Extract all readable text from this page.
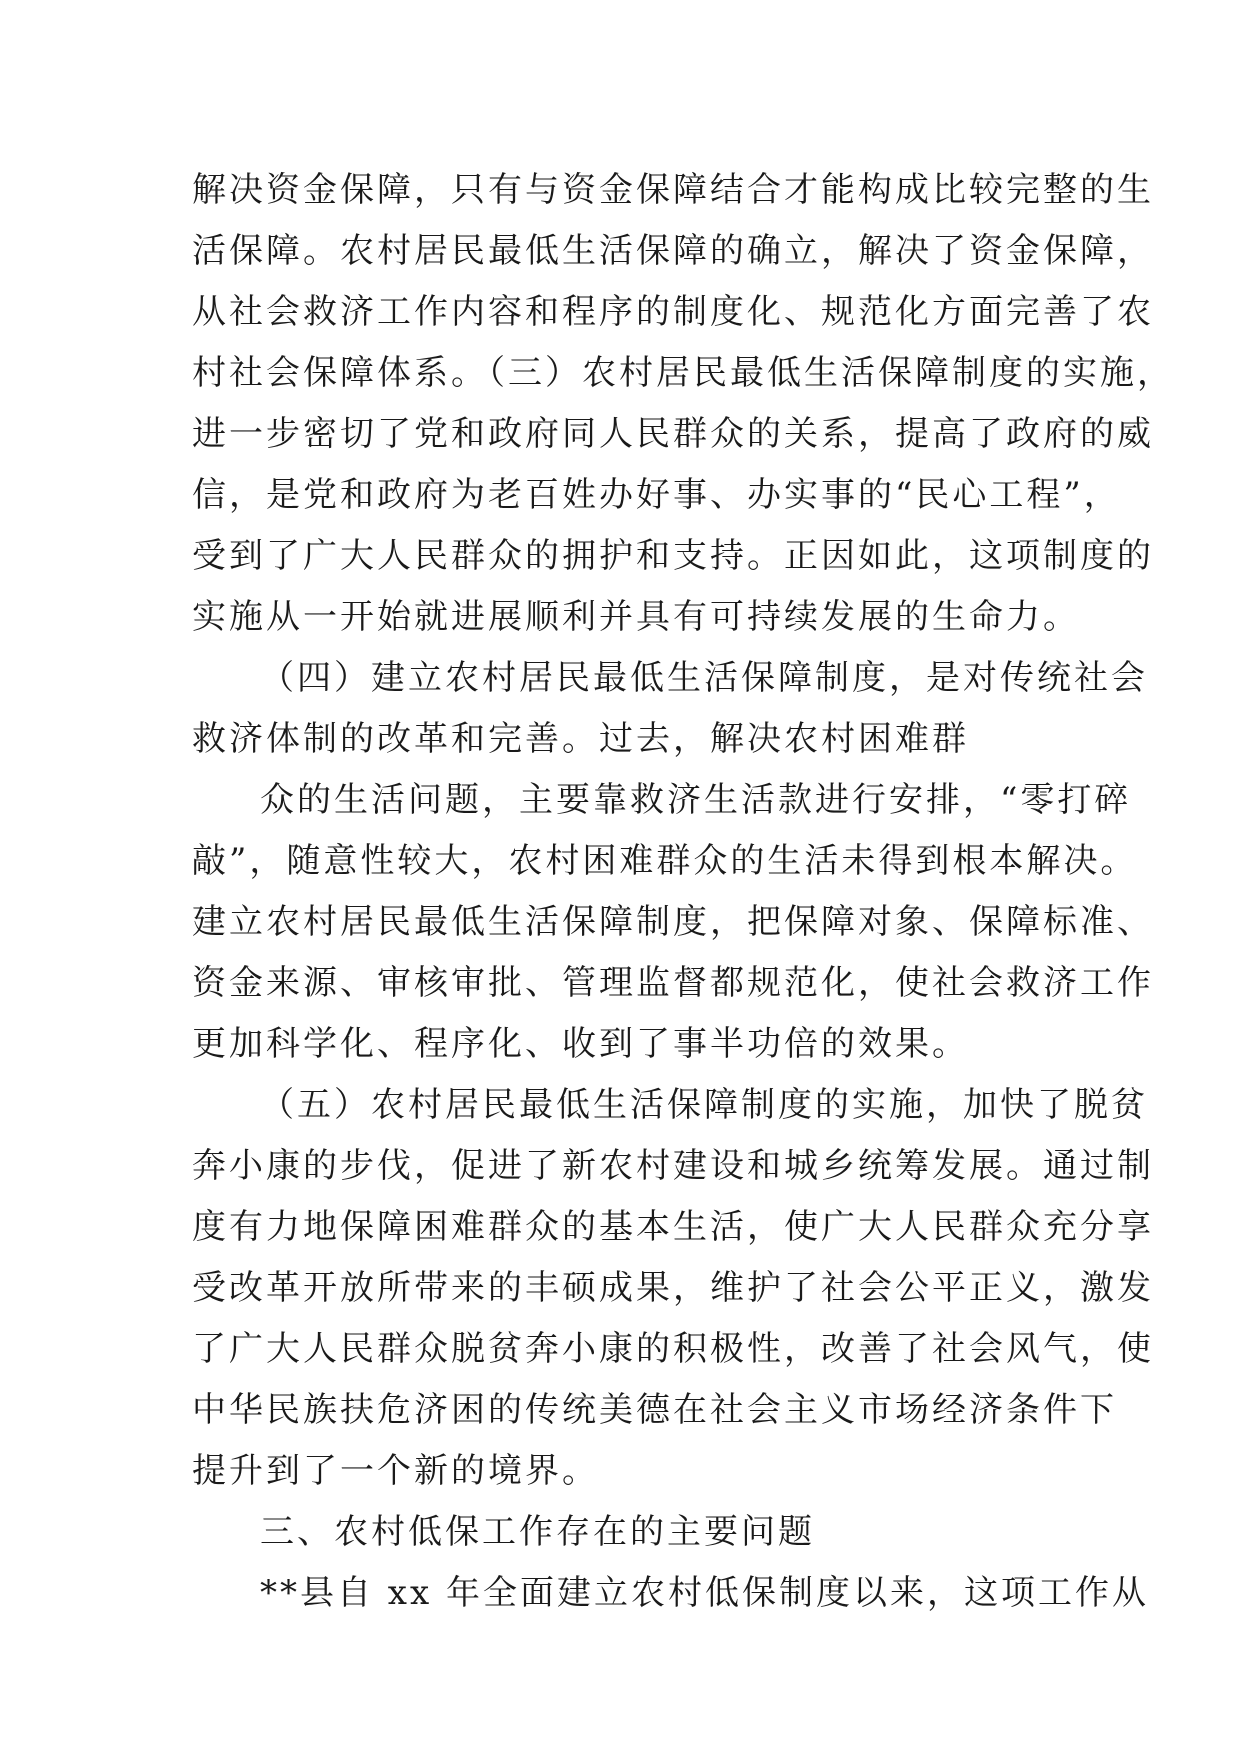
解决资金保障，只有与资金保障结合才能构成比较完整的生
活保障。农村居民最低生活保障的确立，解决了资金保障，
从社会救济工作内容和程序的制度化、规范化方面完善了农
村社会保障体系。（三）农村居民最低生活保障制度的实施，
进一步密切了党和政府同人民群众的关系，提高了政府的威
信，是党和政府为老百姓办好事、办实事的“民心工程”，
受到了广大人民群众的拥护和支持。正因如此，这项制度的
实施从一开始就进展顺利并具有可持续发展的生命力。
（四）建立农村居民最低生活保障制度，是对传统社会
救济体制的改革和完善。过去，解决农村困难群
众的生活问题，主要靠救济生活款进行安排，“零打碎
敲”，随意性较大，农村困难群众的生活未得到根本解决。
建立农村居民最低生活保障制度，把保障对象、保障标准、
资金来源、审核审批、管理监督都规范化，使社会救济工作
更加科学化、程序化、收到了事半功倍的效果。
（五）农村居民最低生活保障制度的实施，加快了脱贫
奔小康的步伐，促进了新农村建设和城乡统筹发展。通过制
度有力地保障困难群众的基本生活，使广大人民群众充分享
受改革开放所带来的丰硕成果，维护了社会公平正义，激发
了广大人民群众脱贫奔小康的积极性，改善了社会风气，使
中华民族扶危济困的传统美德在社会主义市场经济条件下
提升到了一个新的境界。
三、农村低保工作存在的主要问题
**县自 xx 年全面建立农村低保制度以来，这项工作从
